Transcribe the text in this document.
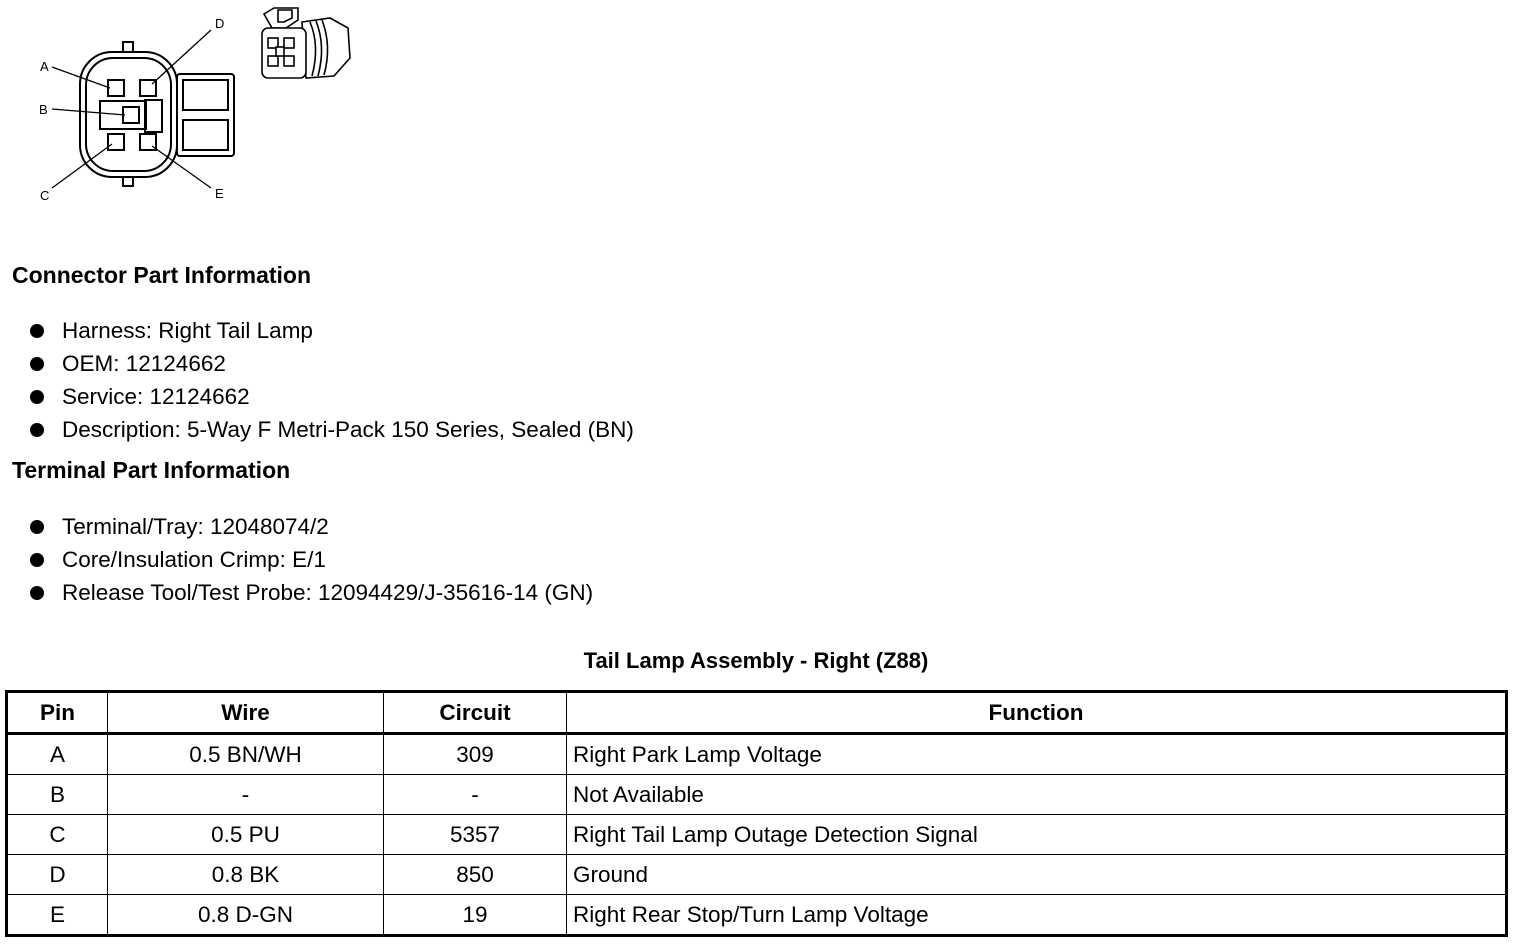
A
B
C
D
E
Connector Part Information
Harness: Right Tail Lamp
OEM: 12124662
Service: 12124662
Description: 5-Way F Metri-Pack 150 Series, Sealed (BN)
Terminal Part Information
Terminal/Tray: 12048074/2
Core/Insulation Crimp: E/1
Release Tool/Test Probe: 12094429/J-35616-14 (GN)
Tail Lamp Assembly - Right (Z88)
Pin	Wire	Circuit	Function
A	0.5 BN/WH	309	Right Park Lamp Voltage
B	-	-	Not Available
C	0.5 PU	5357	Right Tail Lamp Outage Detection Signal
D	0.8 BK	850	Ground
E	0.8 D-GN	19	Right Rear Stop/Turn Lamp Voltage
